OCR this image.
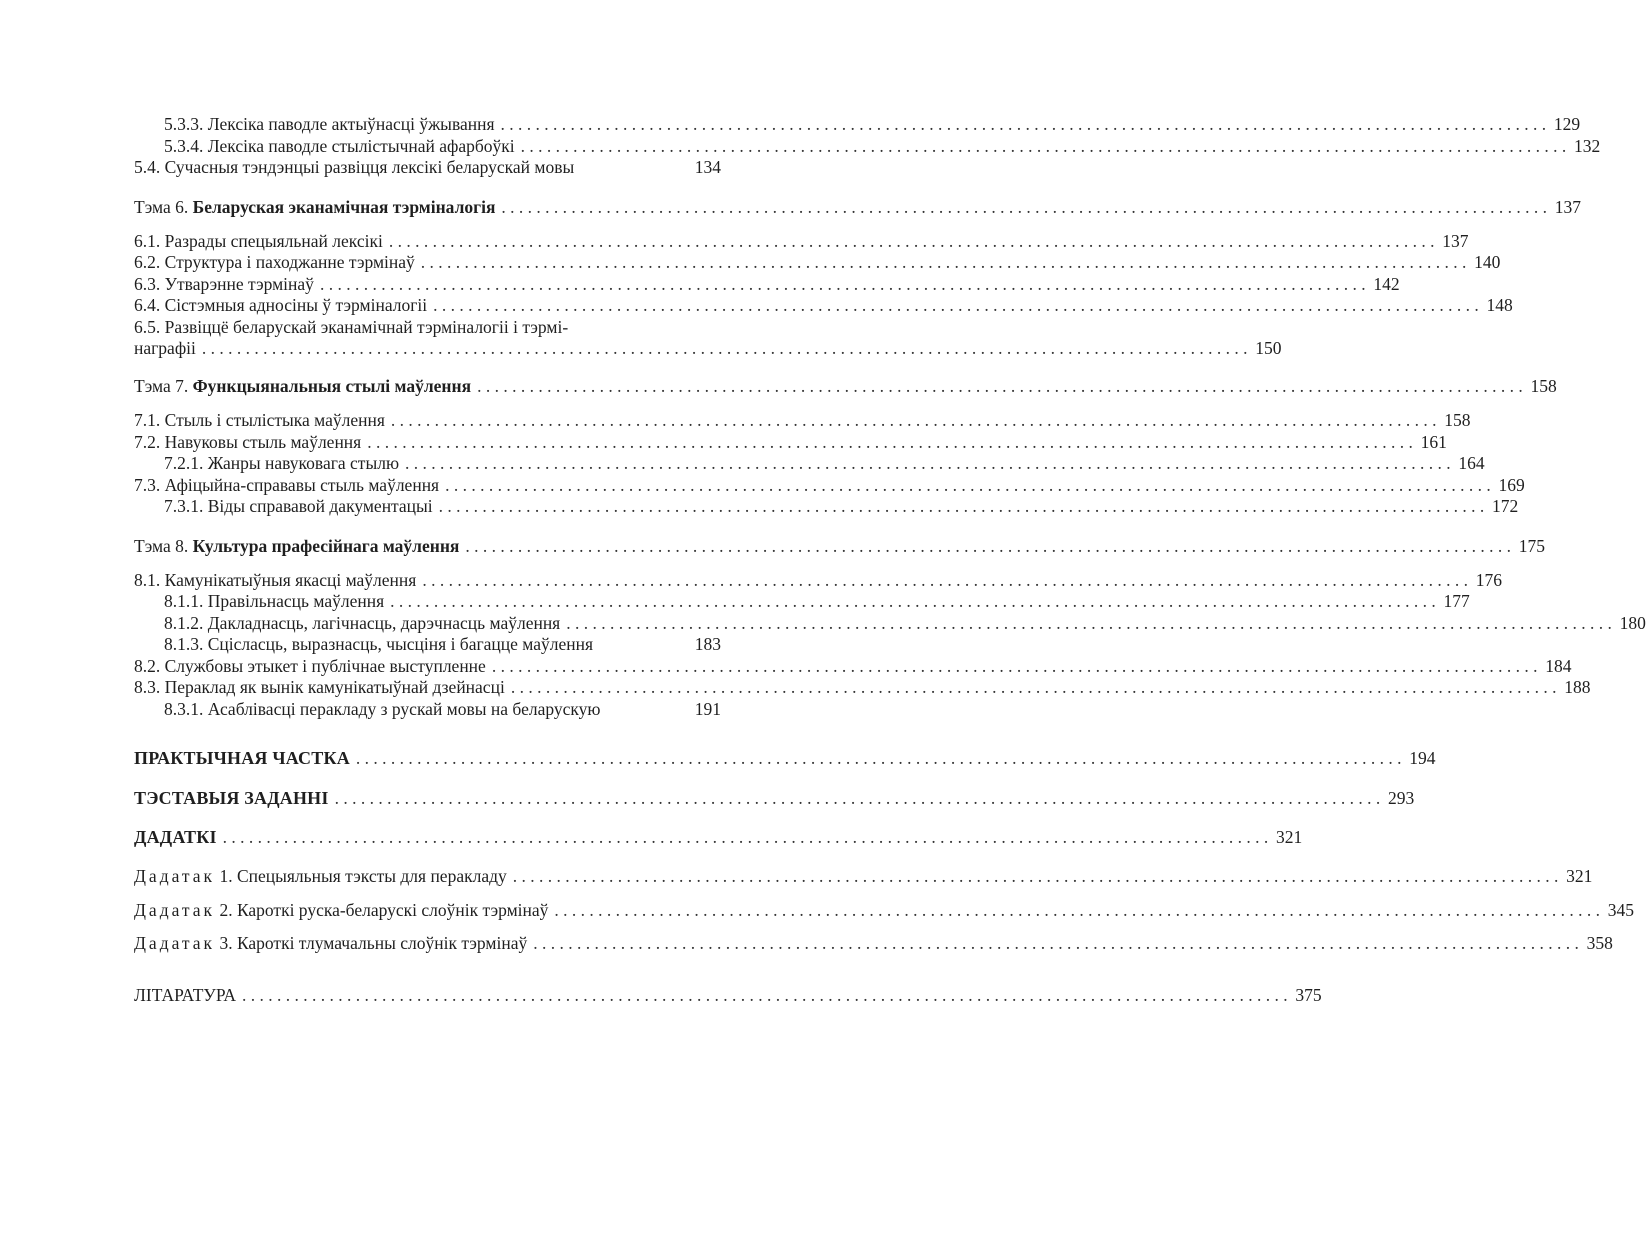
5.3.3. Лексіка паводле актыўнасці ўжывання . . .	129
5.3.4. Лексіка паводле стылістычнай афарбоўкі . . .	132
5.4. Сучасныя тэндэнцыі развіцця лексікі беларускай мовы	134
Тэма 6. Беларуская эканамічная тэрміналогія . . .	137
6.1. Разрады спецыяльнай лексікі . . .	137
6.2. Структура і паходжанне тэрмінаў . . .	140
6.3. Утварэнне тэрмінаў . . .	142
6.4. Сістэмныя адносіны ў тэрміналогіі . . .	148
6.5. Развіццё беларускай эканамічнай тэрміналогіі і тэрмі-
награфіі . . .	150
Тэма 7. Функцыянальныя стылі маўлення . . .	158
7.1. Стыль і стылістыка маўлення . . .	158
7.2. Навуковы стыль маўлення . . .	161
7.2.1. Жанры навуковага стылю . . .	164
7.3. Афіцыйна-справавы стыль маўлення . . .	169
7.3.1. Віды справавой дакументацыі . . .	172
Тэма 8. Культура прафесійнага маўлення . . .	175
8.1. Камунікатыўныя якасці маўлення . . .	176
8.1.1. Правільнасць маўлення . . .	177
8.1.2. Дакладнасць, лагічнасць, дарэчнасць маўлення . . .	180
8.1.3. Сцісласць, выразнасць, чысціня і багацце маўлення	183
8.2. Службовы этыкет і публічнае выступленне . . .	184
8.3. Пераклад як вынік камунікатыўнай дзейнасці . . .	188
8.3.1. Асаблівасці перакладу з рускай мовы на беларускую	191
ПРАКТЫЧНАЯ ЧАСТКА . . .	194
ТЭСТАВЫЯ ЗАДАННІ . . .	293
ДАДАТКІ . . .	321
Дадатак 1. Спецыяльныя тэксты для перакладу . . .	321
Дадатак 2. Кароткі руска-беларускі слоўнік тэрмінаў . . .	345
Дадатак 3. Кароткі тлумачальны слоўнік тэрмінаў . . .	358
ЛІТАРАТУРА . . .	375
